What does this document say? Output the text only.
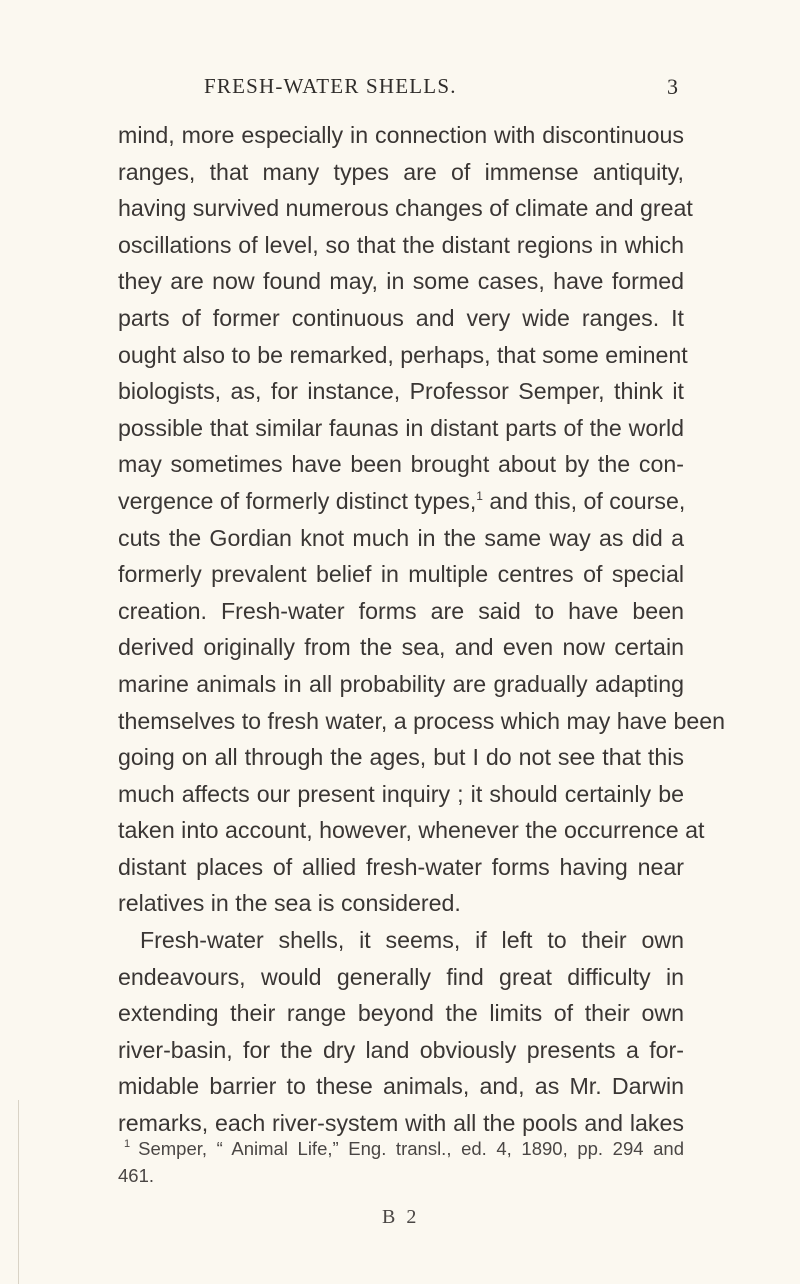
FRESH-WATER SHELLS.	3
mind, more especially in connection with discontinuous
ranges, that many types are of immense antiquity,
having survived numerous changes of climate and great
oscillations of level, so that the distant regions in which
they are now found may, in some cases, have formed
parts of former continuous and very wide ranges. It
ought also to be remarked, perhaps, that some eminent
biologists, as, for instance, Professor Semper, think it
possible that similar faunas in distant parts of the world
may sometimes have been brought about by the con-
vergence of formerly distinct types,$^1$ and this, of course,
cuts the Gordian knot much in the same way as did a
formerly prevalent belief in multiple centres of special
creation. Fresh-water forms are said to have been
derived originally from the sea, and even now certain
marine animals in all probability are gradually adapting
themselves to fresh water, a process which may have been
going on all through the ages, but I do not see that this
much affects our present inquiry ; it should certainly be
taken into account, however, whenever the occurrence at
distant places of allied fresh-water forms having near
relatives in the sea is considered.
Fresh-water shells, it seems, if left to their own
endeavours, would generally find great difficulty in
extending their range beyond the limits of their own
river-basin, for the dry land obviously presents a for-
midable barrier to these animals, and, as Mr. Darwin
remarks, each river-system with all the pools and lakes
$^1$ Semper, “ Animal Life,” Eng. transl., ed. 4, 1890, pp. 294 and
461.
B 2
